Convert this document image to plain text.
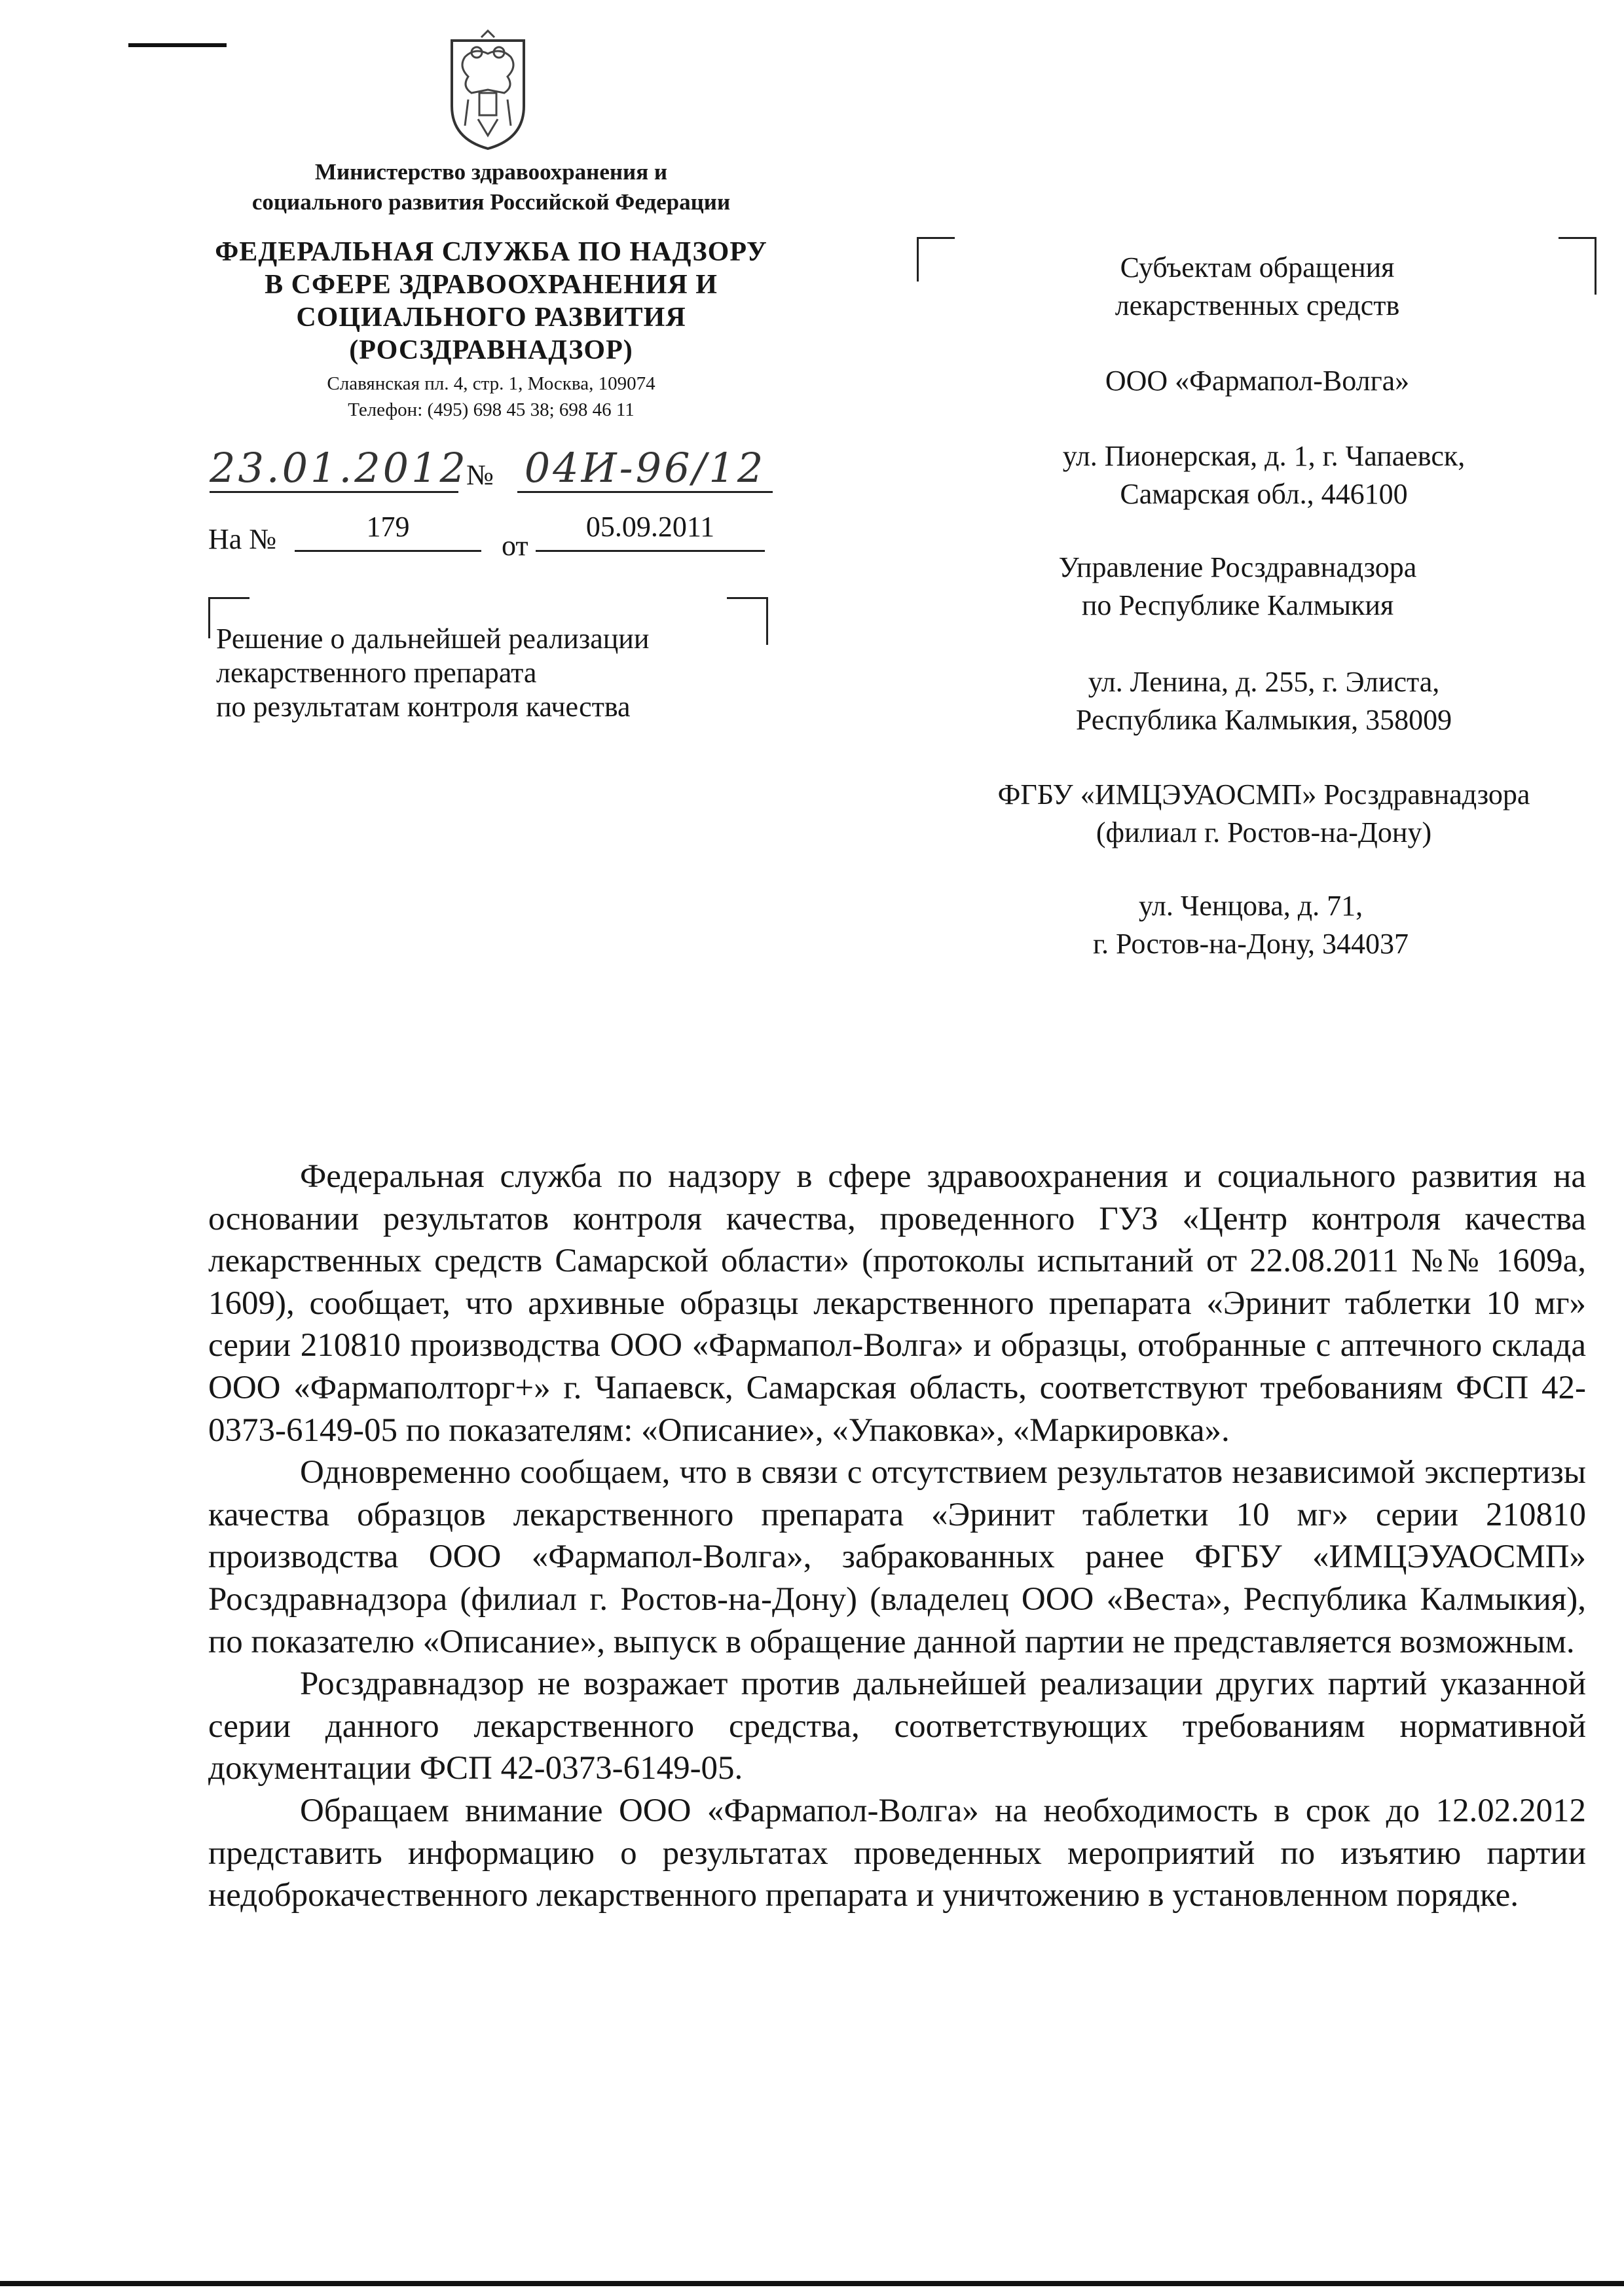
Министерство здравоохранения и
социального развития Российской Федерации
ФЕДЕРАЛЬНАЯ СЛУЖБА ПО НАДЗОРУ
В СФЕРЕ ЗДРАВООХРАНЕНИЯ И
СОЦИАЛЬНОГО РАЗВИТИЯ
(РОСЗДРАВНАДЗОР)
Славянская пл. 4, стр. 1, Москва, 109074
Телефон: (495) 698 45 38; 698 46 11
23.01.2012
№ 04И-96/12
На №	179
от
05.09.2011
Решение о дальнейшей реализации
лекарственного препарата
по результатам контроля качества
Субъектам обращения
лекарственных средств
ООО «Фармапол-Волга»
ул. Пионерская, д. 1, г. Чапаевск,
Самарская обл., 446100
Управление Росздравнадзора
по Республике Калмыкия
ул. Ленина, д. 255, г. Элиста,
Республика Калмыкия, 358009
ФГБУ «ИМЦЭУАОСМП» Росздравнадзора
(филиал г. Ростов-на-Дону)
ул. Ченцова, д. 71,
г. Ростов-на-Дону, 344037

Федеральная служба по надзору в сфере здравоохранения и социального развития на основании результатов контроля качества, проведенного ГУЗ «Центр контроля качества лекарственных средств Самарской области» (протоколы испытаний от 22.08.2011 №№ 1609а, 1609), сообщает, что архивные образцы лекарственного препарата «Эринит таблетки 10 мг» серии 210810 производства ООО «Фармапол-Волга» и образцы, отобранные с аптечного склада ООО «Фармаполторг+» г. Чапаевск, Самарская область, соответствуют требованиям ФСП 42-0373-6149-05 по показателям: «Описание», «Упаковка», «Маркировка».

Одновременно сообщаем, что в связи с отсутствием результатов независимой экспертизы качества образцов лекарственного препарата «Эринит таблетки 10 мг» серии 210810 производства ООО «Фармапол-Волга», забракованных ранее ФГБУ «ИМЦЭУАОСМП» Росздравнадзора (филиал г. Ростов-на-Дону) (владелец ООО «Веста», Республика Калмыкия), по показателю «Описание», выпуск в обращение данной партии не представляется возможным.

Росздравнадзор не возражает против дальнейшей реализации других партий указанной серии данного лекарственного средства, соответствующих требованиям нормативной документации ФСП 42-0373-6149-05.

Обращаем внимание ООО «Фармапол-Волга» на необходимость в срок до 12.02.2012 представить информацию о результатах проведенных мероприятий по изъятию партии недоброкачественного лекарственного препарата и уничтожению в установленном порядке.
